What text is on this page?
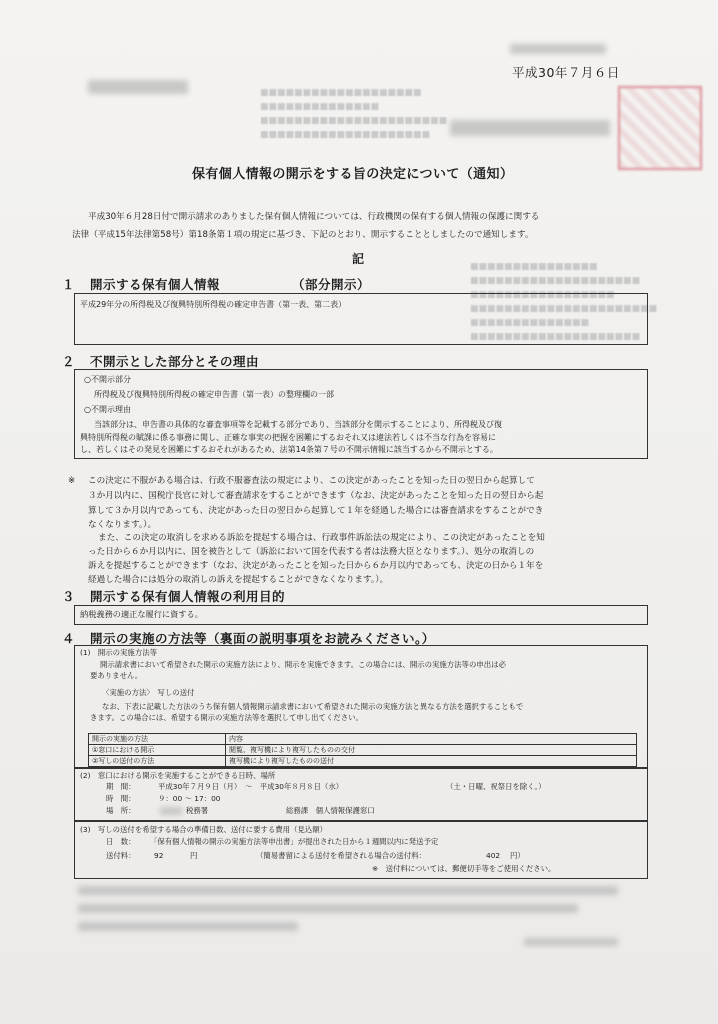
■■■■■■■■■■■■■■■■■■■
■■■■■■■■■■■■■■
■■■■■■■■■■■■■■■■■■■■■■
■■■■■■■■■■■■■■■■■■■■
■■■■■■■■■■■■■■■
■■■■■■■■■■■■■■■■■■■■
■■■■■■■■■■■■■■■■■
■■■■■■■■■■■■■■■■■■■■■■
■■■■■■■■■■■■■■
■■■■■■■■■■■■■■■■■■■■
平成30年７月６日
保有個人情報の開示をする旨の決定について（通知）
平成30年６月28日付で開示請求のありました保有個人情報については、行政機関の保有する個人情報の保護に関する
法律（平成15年法律第58号）第18条第１項の規定に基づき、下記のとおり、開示することとしましたので通知します。
記
１ 開示する保有個人情報	（部分開示）
平成29年分の所得税及び復興特別所得税の確定申告書（第一表、第二表）
２ 不開示とした部分とその理由
○不開示部分
所得税及び復興特別所得税の確定申告書（第一表）の整理欄の一部
○不開示理由
当該部分は、申告書の具体的な審査事項等を記載する部分であり、当該部分を開示することにより、所得税及び復
興特別所得税の賦課に係る事務に関し、正確な事実の把握を困難にするおそれ又は違法若しくは不当な行為を容易に
し、若しくはその発見を困難にするおそれがあるため、法第14条第７号の不開示情報に該当するから不開示とする。
※ この決定に不服がある場合は、行政不服審査法の規定により、この決定があったことを知った日の翌日から起算して
３か月以内に、国税庁長官に対して審査請求をすることができます（なお、決定があったことを知った日の翌日から起
算して３か月以内であっても、決定があった日の翌日から起算して１年を経過した場合には審査請求をすることができ
なくなります。）。
また、この決定の取消しを求める訴訟を提起する場合は、行政事件訴訟法の規定により、この決定があったことを知
った日から６か月以内に、国を被告として（訴訟において国を代表する者は法務大臣となります。）、処分の取消しの
訴えを提起することができます（なお、決定があったことを知った日から６か月以内であっても、決定の日から１年を
経過した場合には処分の取消しの訴えを提起することができなくなります。）。
３ 開示する保有個人情報の利用目的
納税義務の適正な履行に資する。
４ 開示の実施の方法等（裏面の説明事項をお読みください。）
(1)　開示の実施方法等
開示請求書において希望された開示の実施方法により、開示を実施できます。この場合には、開示の実施方法等の申出は必
要ありません。
〈実施の方法〉　写しの送付
なお、下表に記載した方法のうち保有個人情報開示請求書において希望された開示の実施方法と異なる方法を選択することもで
きます。この場合には、希望する開示の実施方法等を選択して申し出てください。
開示の実施の方法	内容
①窓口における開示	閲覧、複写機により複写したものの交付
②写しの送付の方法	複写機により複写したものの送付
(2)　窓口における開示を実施することができる日時、場所
期　間：	平成30年７月９日（月）　～　平成30年８月８日（水）	（土・日曜、祝祭日を除く。）
時　間：	９：00 ～ 17：00
場　所：	税務署	総務課　個人情報保護窓口
(3)　写しの送付を希望する場合の準備日数、送付に要する費用（見込額）
日　数： 「保有個人情報の開示の実施方法等申出書」が提出された日から１週間以内に発送予定
送付料： 92	円	（簡易書留による送付を希望される場合の送付料：	402 円）
※　送付料については、郵便切手等をご使用ください。
